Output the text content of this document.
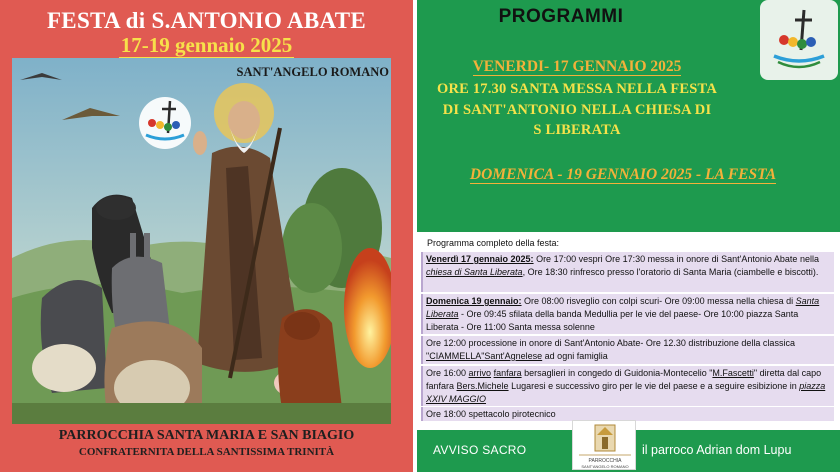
FESTA di S.ANTONIO ABATE
17-19 gennaio 2025
SANT'ANGELO ROMANO
PARROCCHIA SANTA MARIA E SAN BIAGIO
CONFRATERNITA DELLA SANTISSIMA TRINITÀ
PROGRAMMI
VENERDI- 17 GENNAIO 2025
ORE 17.30 SANTA MESSA NELLA FESTA
DI SANT'ANTONIO NELLA CHIESA DI
S LIBERATA
DOMENICA - 19 GENNAIO 2025 - LA FESTA
Programma completo della festa:
Venerdì 17 gennaio 2025: Ore 17:00 vespri Ore 17:30 messa in onore di Sant'Antonio Abate nella chiesa di Santa Liberata, Ore 18:30 rinfresco presso l'oratorio di Santa Maria (ciambelle e biscotti).
Domenica 19 gennaio: Ore 08:00 risveglio con colpi scuri- Ore 09:00 messa nella chiesa di Santa Liberata - Ore 09:45 sfilata della banda Medullia per le vie del paese- Ore 10:00 piazza Santa Liberata - Ore 11:00 Santa messa solenne
Ore 12:00 processione in onore di Sant'Antonio Abate- Ore 12.30 distribuzione della classica "CIAMMELLA"Sant'Agnelese ad ogni famiglia
Ore 16:00 arrivo fanfara bersaglieri in congedo di Guidonia-Montecelio "M.Fascetti" diretta dal capo fanfara Bers.Michele Lugaresi e successivo giro per le vie del paese e a seguire esibizione in piazza XXIV MAGGIO
Ore 18:00 spettacolo pirotecnico
AVVISO SACRO
PARROCCHIA
SANT'ANGELO ROMANO
il parroco Adrian dom Lupu
